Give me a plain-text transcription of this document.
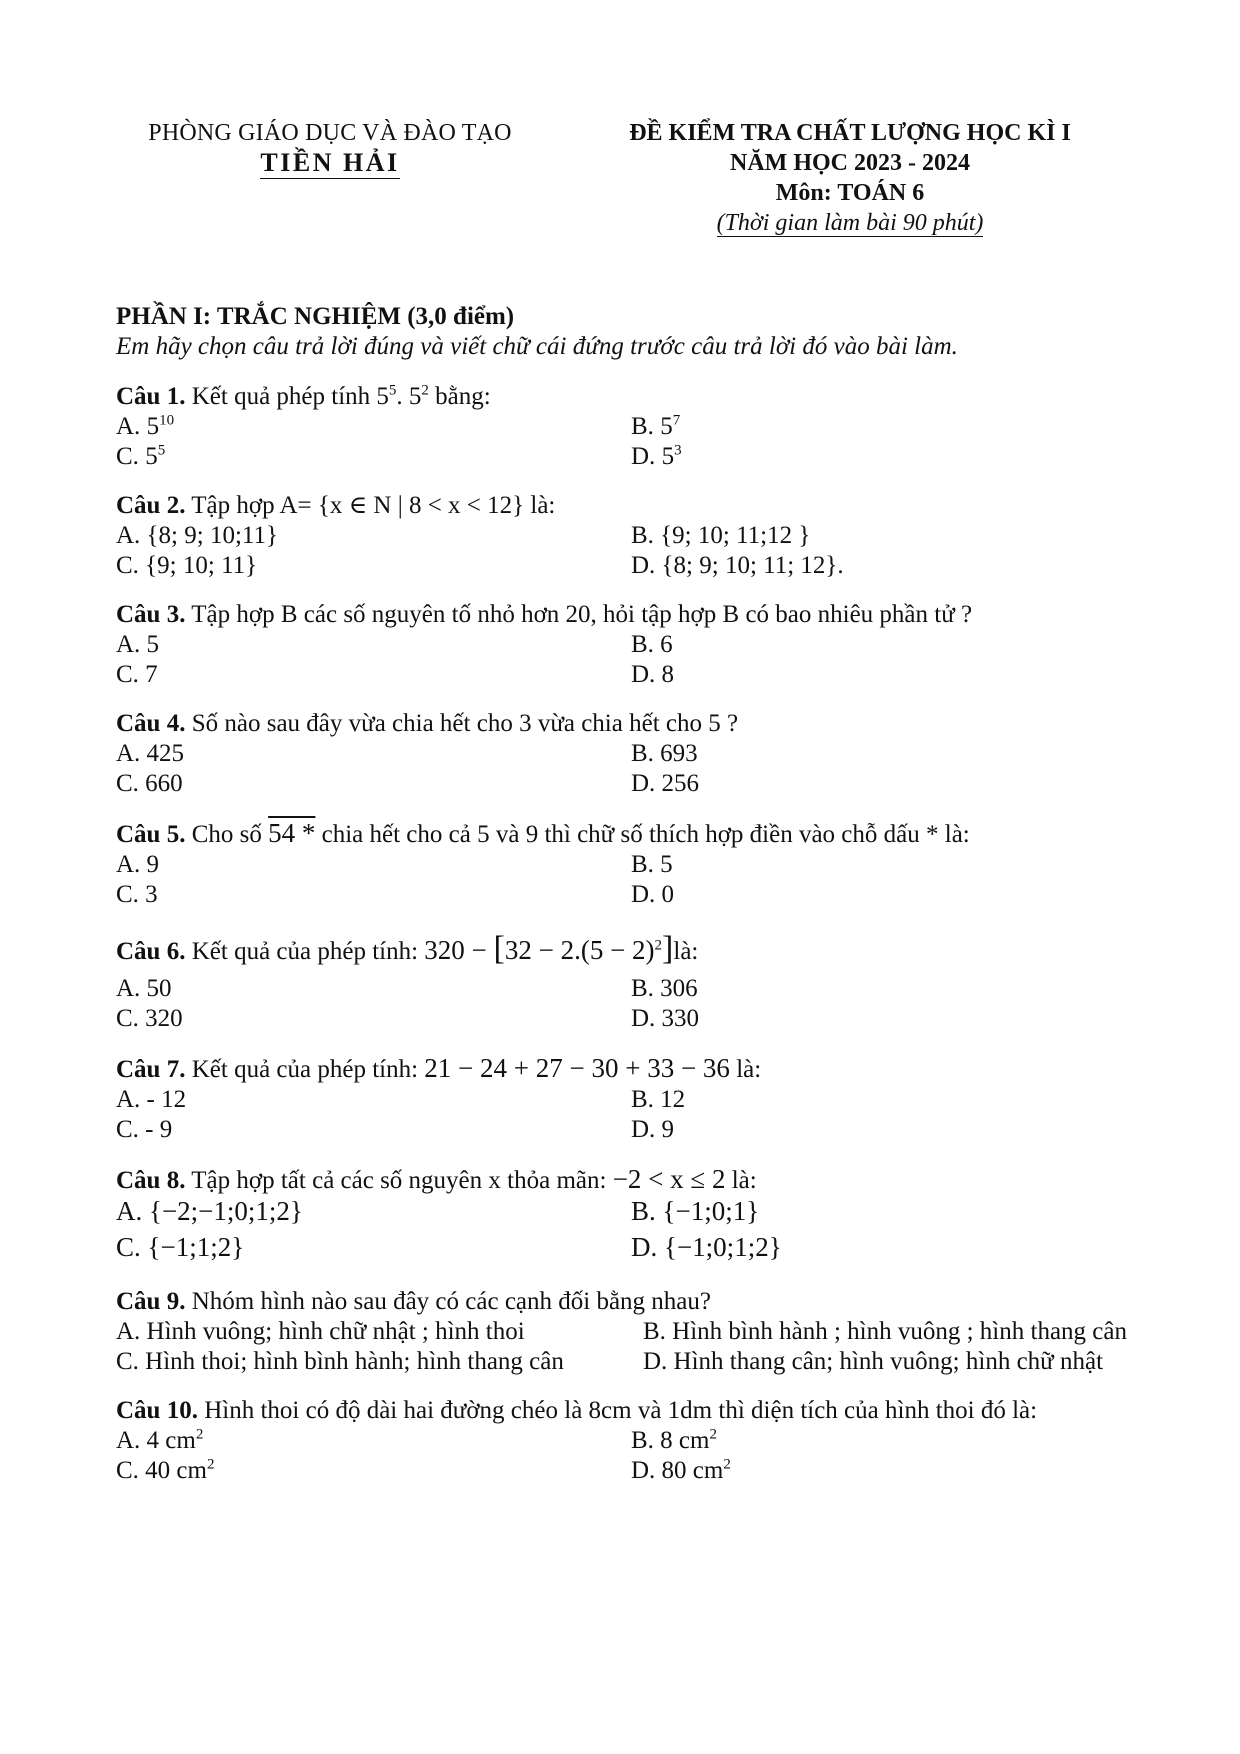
PHÒNG GIÁO DỤC VÀ ĐÀO TẠO
TIỀN HẢI
ĐỀ KIỂM TRA CHẤT LƯỢNG HỌC KÌ I
NĂM HỌC 2023 - 2024
Môn: TOÁN 6
(Thời gian làm bài 90 phút)
PHẦN I: TRẮC NGHIỆM (3,0 điểm)
Em hãy chọn câu trả lời đúng và viết chữ cái đứng trước câu trả lời đó vào bài làm.
Câu 1. Kết quả phép tính $5^5$. $5^2$ bằng:
A. $5^{10}$	B. $5^7$
C. $5^5$	D. $5^3$
Câu 2. Tập hợp A= {x ∈ N | 8 < x < 12} là:
A. {8; 9; 10;11}	B. {9; 10; 11;12 }
C. {9; 10; 11}	D. {8; 9; 10; 11; 12}.
Câu 3. Tập hợp B các số nguyên tố nhỏ hơn 20, hỏi tập hợp B có bao nhiêu phần tử ?
A. 5	B. 6
C. 7	D. 8
Câu 4. Số nào sau đây vừa chia hết cho 3 vừa chia hết cho 5 ?
A. 425	B. 693
C. 660	D. 256
Câu 5. Cho số 54 * chia hết cho cả 5 và 9 thì chữ số thích hợp điền vào chỗ dấu * là:
A. 9	B. 5
C. 3	D. 0
Câu 6. Kết quả của phép tính: $320 - [32 - 2.(5 - 2)^2]là$:
A. 50	B. 306
C. 320	D. 330
Câu 7. Kết quả của phép tính: 21 − 24 + 27 − 30 + 33 − 36 là:
A. - 12	B. 12
C. - 9	D. 9
Câu 8. Tập hợp tất cả các số nguyên x thỏa mãn: −2 < x ≤ 2 là:
A. {−2;−1;0;1;2}	B. {−1;0;1}
C. {−1;1;2}	D. {−1;0;1;2}
Câu 9. Nhóm hình nào sau đây có các cạnh đối bằng nhau?
A. Hình vuông; hình chữ nhật ; hình thoi	B. Hình bình hành ; hình vuông ; hình thang cân
C. Hình thoi; hình bình hành; hình thang cân	D. Hình thang cân; hình vuông; hình chữ nhật
Câu 10. Hình thoi có độ dài hai đường chéo là 8cm và 1dm thì diện tích của hình thoi đó là:
A. 4 $cm^2$	B. 8 $cm^2$
C. 40 $cm^2$	D. 80 $cm^2$
